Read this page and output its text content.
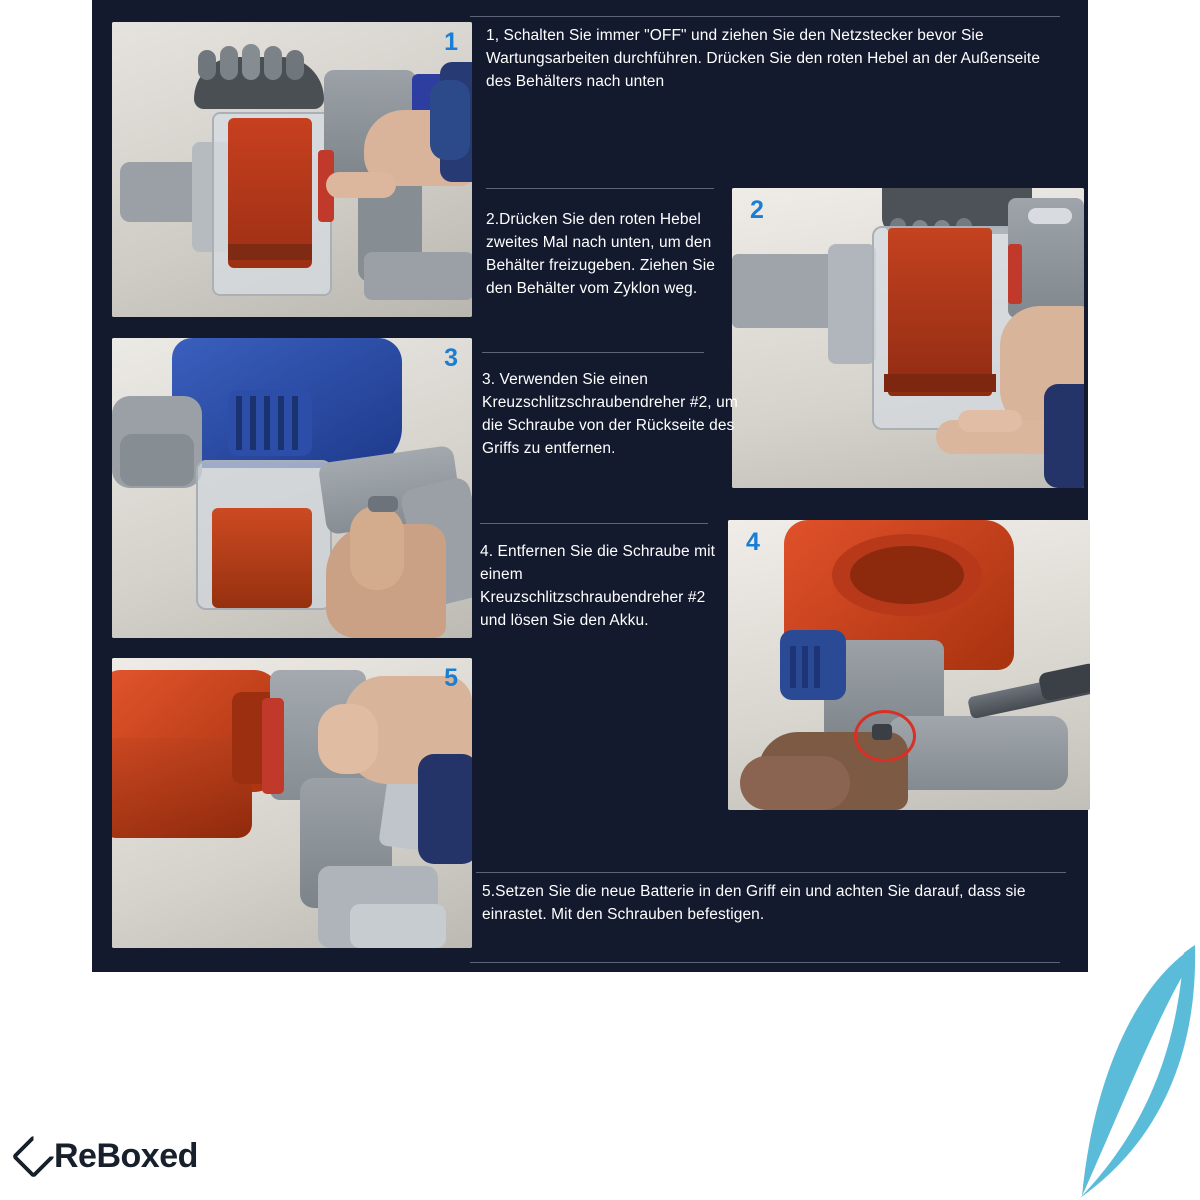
1
2
3
4
5
1, Schalten Sie immer "OFF" und ziehen Sie den Netzstecker bevor Sie Wartungsarbeiten durchführen. Drücken Sie den roten Hebel an der Außenseite des Behälters nach unten
2.Drücken Sie den roten Hebel zweites Mal nach unten, um den Behälter freizugeben. Ziehen Sie den Behälter vom Zyklon weg.
3. Verwenden Sie einen Kreuzschlitzschraubendreher #2, um die Schraube von der Rückseite des Griffs zu entfernen.
4. Entfernen Sie die Schraube mit einem Kreuzschlitzschraubendreher #2 und lösen Sie den Akku.
5.Setzen Sie die neue Batterie in den Griff ein und achten Sie darauf, dass sie einrastet. Mit den Schrauben befestigen.
Re Boxed
